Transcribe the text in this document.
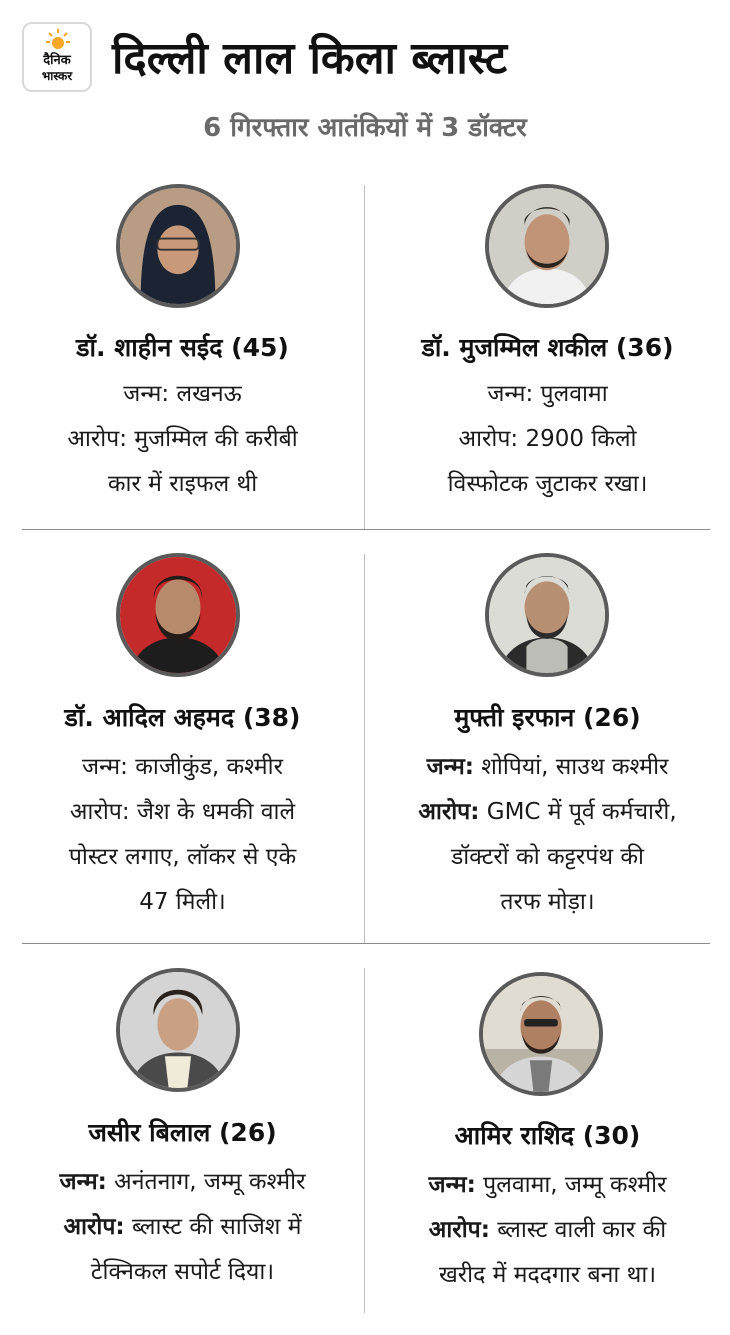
दैनिक
भास्कर दिल्ली लाल किला ब्लास्ट
6 गिरफ्तार आतंकियों में 3 डॉक्टर
डॉ. शाहीन सईद (45)
जन्म: लखनऊ
आरोप: मुजम्मिल की करीबी
कार में राइफल थी
डॉ. मुजम्मिल शकील (36)
जन्म: पुलवामा
आरोप: 2900 किलो
विस्फोटक जुटाकर रखा।
डॉ. आदिल अहमद (38)
जन्म: काजीकुंड, कश्मीर
आरोप: जैश के धमकी वाले
पोस्टर लगाए, लॉकर से एके
47 मिली।
मुफ्ती इरफान (26)
जन्म: शोपियां, साउथ कश्मीर
आरोप: GMC में पूर्व कर्मचारी,
डॉक्टरों को कट्टरपंथ की
तरफ मोड़ा।
जसीर बिलाल (26)
जन्म: अनंतनाग, जम्मू कश्मीर
आरोप: ब्लास्ट की साजिश में
टेक्निकल सपोर्ट दिया।
आमिर राशिद (30)
जन्म: पुलवामा, जम्मू कश्मीर
आरोप: ब्लास्ट वाली कार की
खरीद में मददगार बना था।
